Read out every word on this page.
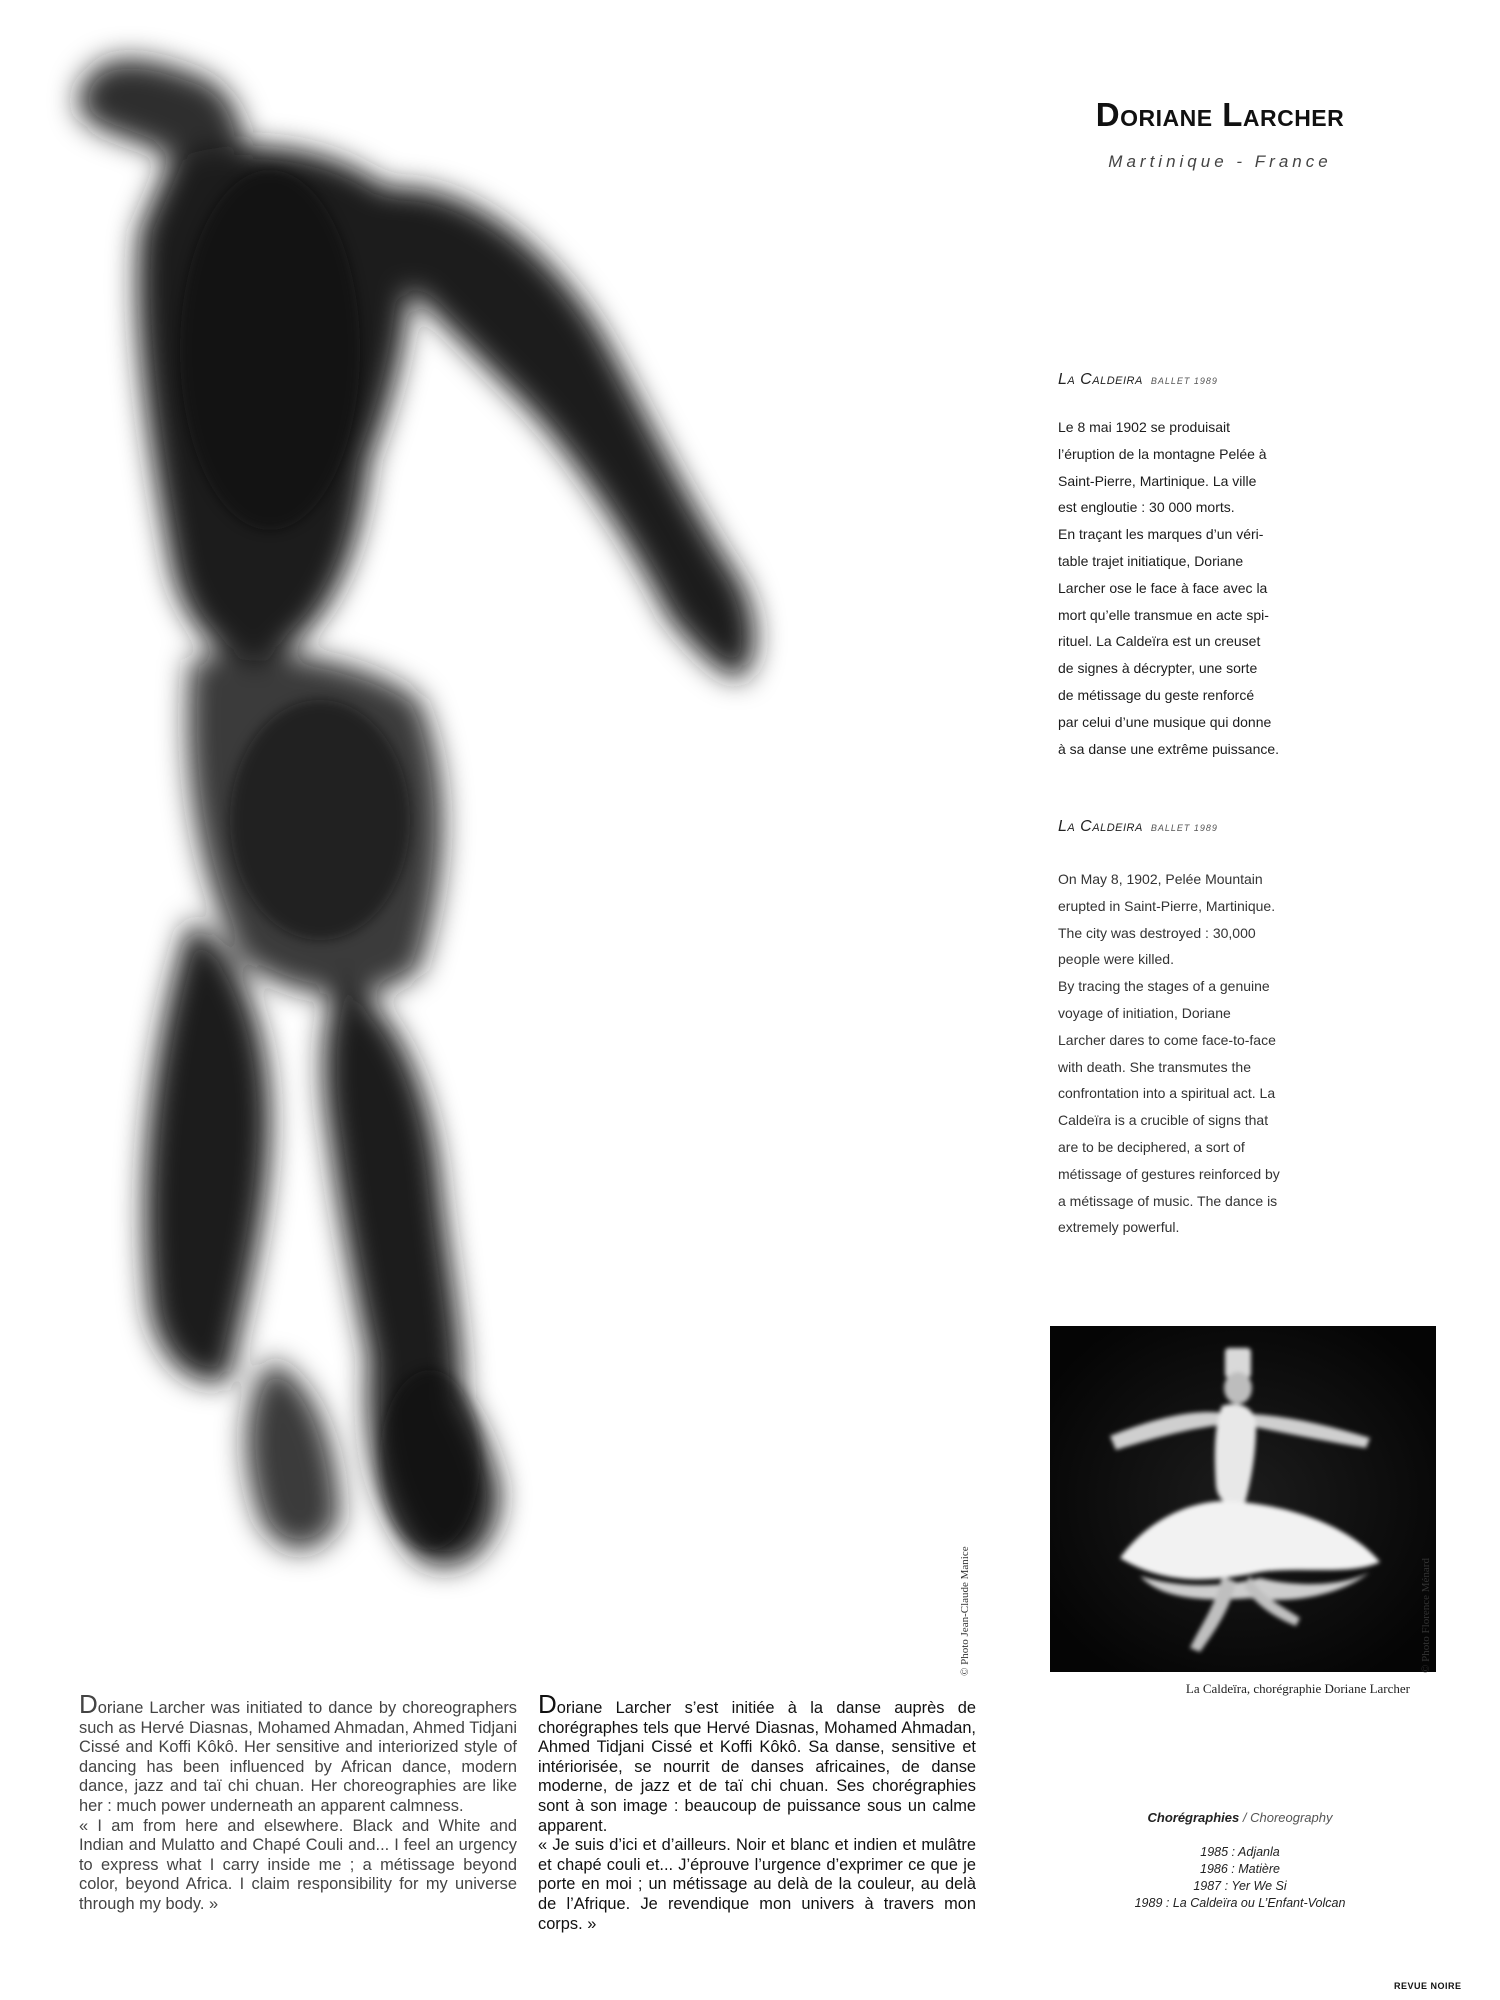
© Photo Jean-Claude Manice
Doriane Larcher
Martinique - France
La Caldeira BALLET 1989
Le 8 mai 1902 se produisait
l’éruption de la montagne Pelée à
Saint-Pierre, Martinique. La ville
est engloutie : 30 000 morts.
En traçant les marques d’un véri-
table trajet initiatique, Doriane
Larcher ose le face à face avec la
mort qu’elle transmue en acte spi-
rituel. La Caldeïra est un creuset
de signes à décrypter, une sorte
de métissage du geste renforcé
par celui d’une musique qui donne
à sa danse une extrême puissance.
La Caldeira BALLET 1989
On May 8, 1902, Pelée Mountain
erupted in Saint-Pierre, Martinique.
The city was destroyed : 30,000
people were killed.
By tracing the stages of a genuine
voyage of initiation, Doriane
Larcher dares to come face-to-face
with death. She transmutes the
confrontation into a spiritual act. La
Caldeïra is a crucible of signs that
are to be deciphered, a sort of
métissage of gestures reinforced by
a métissage of music. The dance is
extremely powerful.
© Photo Florence Ménard
La Caldeïra, chorégraphie Doriane Larcher

Doriane Larcher was initiated to dance by choreographers such as Hervé Diasnas, Mohamed Ahmadan, Ahmed Tidjani Cissé and Koffi Kôkô. Her sensitive and interiorized style of dancing has been influenced by African dance, modern dance, jazz and taï chi chuan. Her choreographies are like her : much power underneath an apparent calmness.

« I am from here and elsewhere. Black and White and Indian and Mulatto and Chapé Couli and... I feel an urgency to express what I carry inside me ; a métissage beyond color, beyond Africa. I claim responsibility for my universe through my body. »

Doriane Larcher s’est initiée à la danse auprès de chorégraphes tels que Hervé Diasnas, Mohamed Ahmadan, Ahmed Tidjani Cissé et Koffi Kôkô. Sa danse, sensitive et intériorisée, se nourrit de danses africaines, de danse moderne, de jazz et de taï chi chuan. Ses chorégraphies sont à son image : beaucoup de puissance sous un calme apparent.

« Je suis d’ici et d’ailleurs. Noir et blanc et indien et mulâtre et chapé couli et... J’éprouve l’urgence d’exprimer ce que je porte en moi ; un métissage au delà de la couleur, au delà de l’Afrique. Je revendique mon univers à travers mon corps. »

Chorégraphies / Choreography
1985 : Adjanla
1986 : Matière
1987 : Yer We Si
1989 : La Caldeïra ou L’Enfant-Volcan
REVUE NOIRE
